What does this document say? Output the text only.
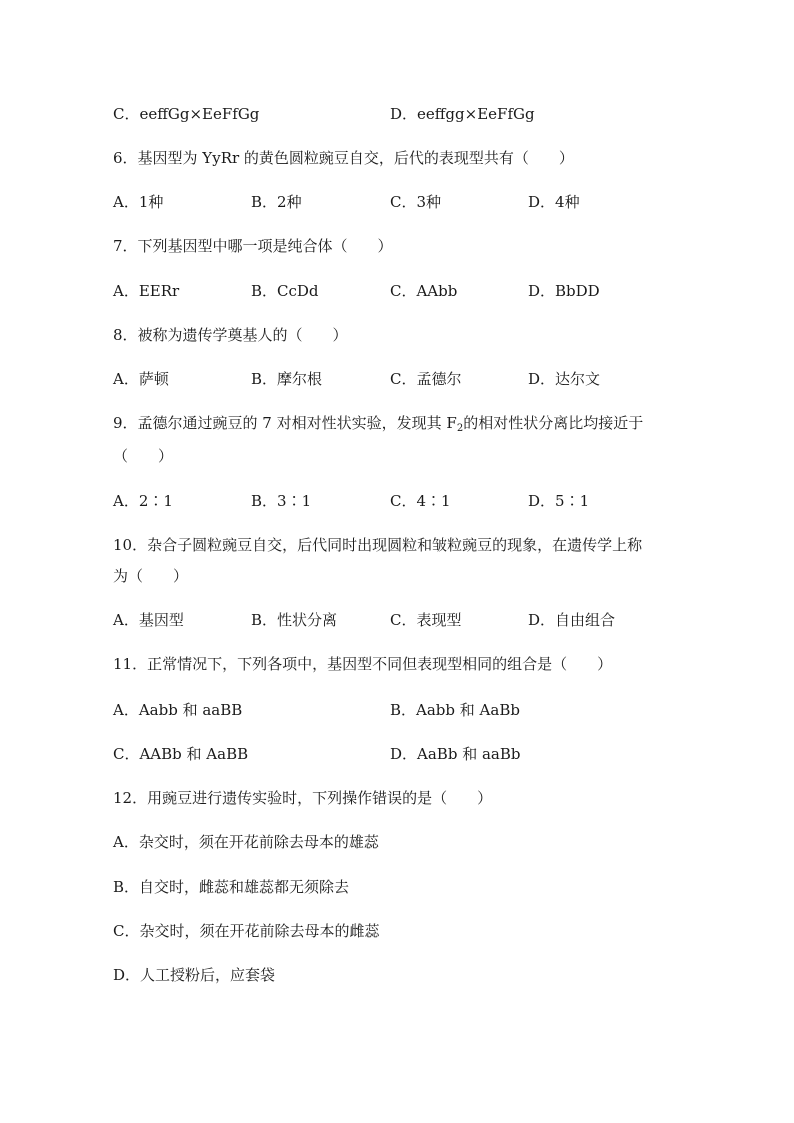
C．eeffGg×EeFfGg	D．eeffgg×EeFfGg
6．基因型为 YyRr 的黄色圆粒豌豆自交，后代的表现型共有（　　）
A．1种	B．2种	C．3种	D．4种
7．下列基因型中哪一项是纯合体（　　）
A．EERr	B．CcDd	C．AAbb	D．BbDD
8．被称为遗传学奠基人的（　　）
A．萨顿	B．摩尔根	C．孟德尔	D．达尔文
9．孟德尔通过豌豆的 7 对相对性状实验，发现其 $F_2$的相对性状分离比均接近于
（　　）
A．2∶1	B．3∶1	C．4∶1	D．5∶1
10．杂合子圆粒豌豆自交，后代同时出现圆粒和皱粒豌豆的现象，在遗传学上称
为（　　）
A．基因型	B．性状分离	C．表现型	D．自由组合
11．正常情况下，下列各项中，基因型不同但表现型相同的组合是（　　）
A．Aabb 和 aaBB	B．Aabb 和 AaBb
C．AABb 和 AaBB	D．AaBb 和 aaBb
12．用豌豆进行遗传实验时，下列操作错误的是（　　）
A．杂交时，须在开花前除去母本的雄蕊
B．自交时，雌蕊和雄蕊都无须除去
C．杂交时，须在开花前除去母本的雌蕊
D．人工授粉后，应套袋
